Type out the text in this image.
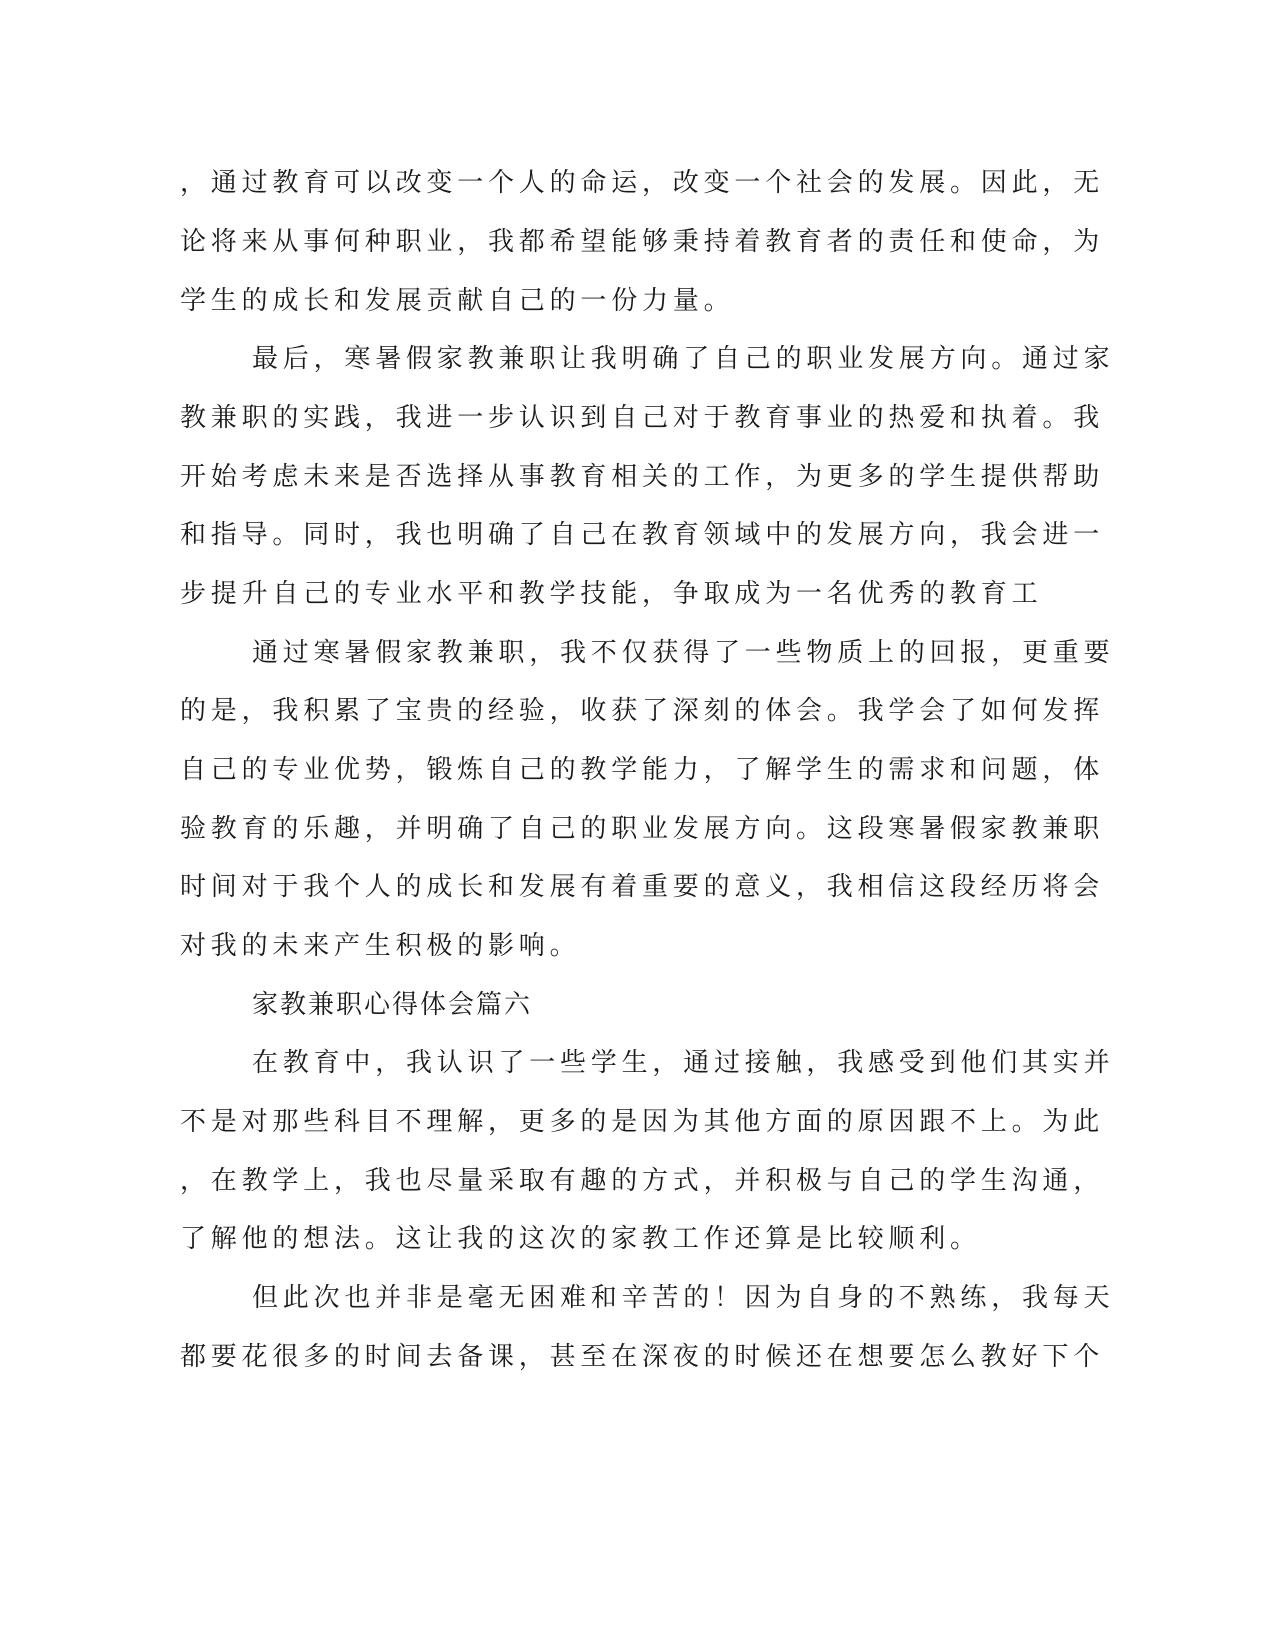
，通过教育可以改变一个人的命运，改变一个社会的发展。因此，无
论将来从事何种职业，我都希望能够秉持着教育者的责任和使命，为
学生的成长和发展贡献自己的一份力量。
最后，寒暑假家教兼职让我明确了自己的职业发展方向。通过家
教兼职的实践，我进一步认识到自己对于教育事业的热爱和执着。我
开始考虑未来是否选择从事教育相关的工作，为更多的学生提供帮助
和指导。同时，我也明确了自己在教育领域中的发展方向，我会进一
步提升自己的专业水平和教学技能，争取成为一名优秀的教育工
通过寒暑假家教兼职，我不仅获得了一些物质上的回报，更重要
的是，我积累了宝贵的经验，收获了深刻的体会。我学会了如何发挥
自己的专业优势，锻炼自己的教学能力，了解学生的需求和问题，体
验教育的乐趣，并明确了自己的职业发展方向。这段寒暑假家教兼职
时间对于我个人的成长和发展有着重要的意义，我相信这段经历将会
对我的未来产生积极的影响。
家教兼职心得体会篇六
在教育中，我认识了一些学生，通过接触，我感受到他们其实并
不是对那些科目不理解，更多的是因为其他方面的原因跟不上。为此
，在教学上，我也尽量采取有趣的方式，并积极与自己的学生沟通，
了解他的想法。这让我的这次的家教工作还算是比较顺利。
但此次也并非是毫无困难和辛苦的！因为自身的不熟练，我每天
都要花很多的时间去备课，甚至在深夜的时候还在想要怎么教好下个
